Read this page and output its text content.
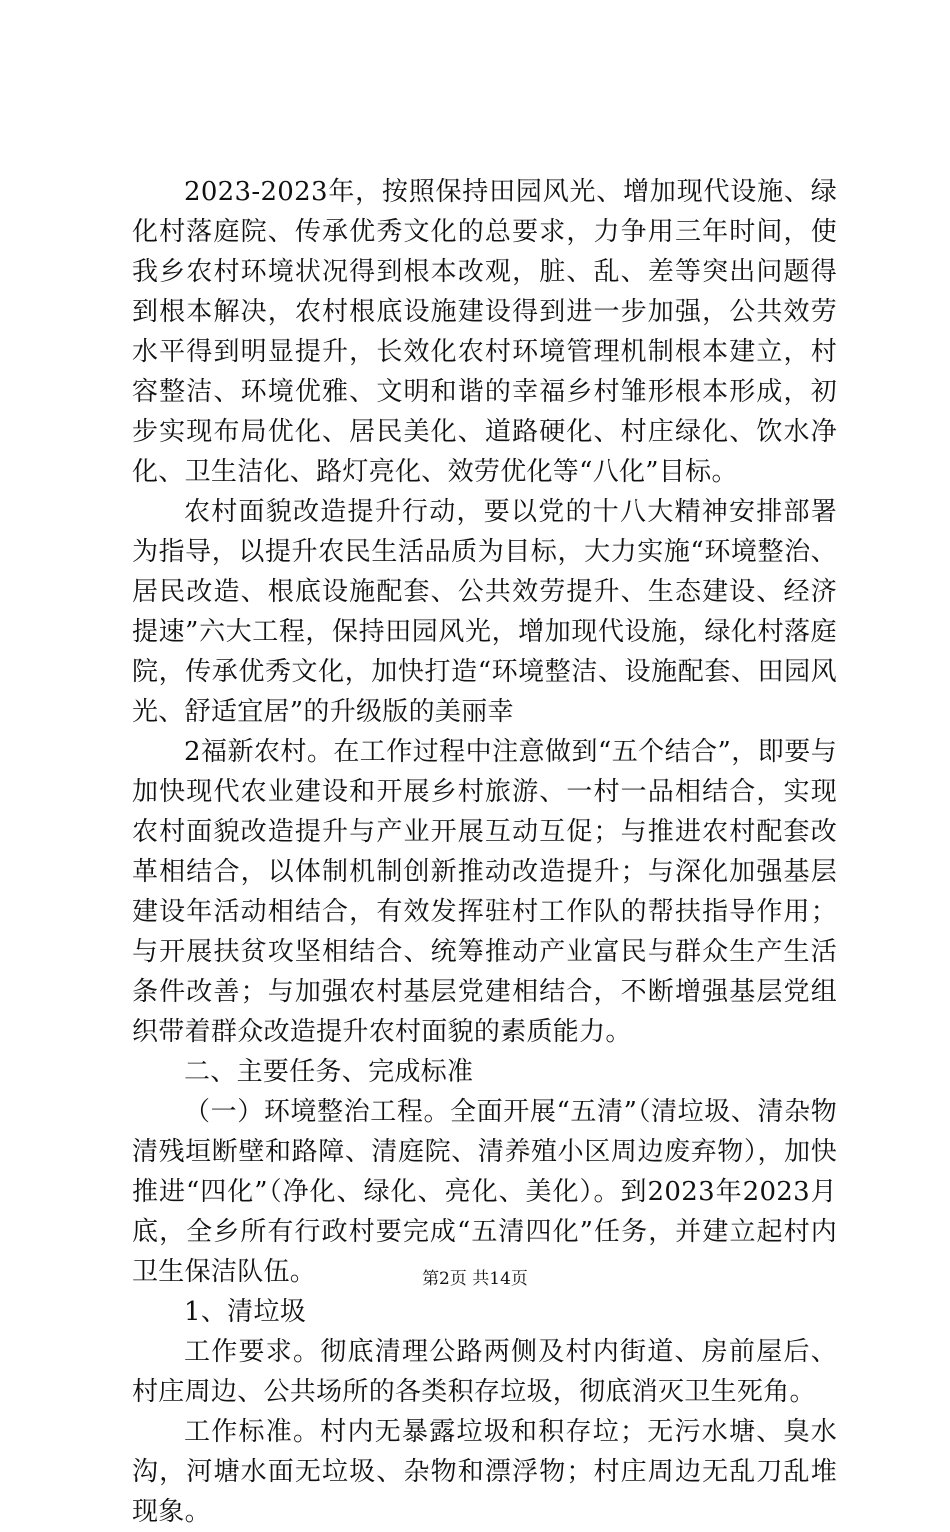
2023-2023年，按照保持田园风光、增加现代设施、绿化村落庭院、传承优秀文化的总要求，力争用三年时间，使我乡农村环境状况得到根本改观，脏、乱、差等突出问题得到根本解决，农村根底设施建设得到进一步加强，公共效劳水平得到明显提升，长效化农村环境管理机制根本建立，村容整洁、环境优雅、文明和谐的幸福乡村雏形根本形成，初步实现布局优化、居民美化、道路硬化、村庄绿化、饮水净化、卫生洁化、路灯亮化、效劳优化等“八化”目标。

农村面貌改造提升行动，要以党的十八大精神安排部署为指导，以提升农民生活品质为目标，大力实施“环境整治、居民改造、根底设施配套、公共效劳提升、生态建设、经济提速”六大工程，保持田园风光，增加现代设施，绿化村落庭院，传承优秀文化，加快打造“环境整洁、设施配套、田园风光、舒适宜居”的升级版的美丽幸

2福新农村。在工作过程中注意做到“五个结合”，即要与加快现代农业建设和开展乡村旅游、一村一品相结合，实现农村面貌改造提升与产业开展互动互促；与推进农村配套改革相结合，以体制机制创新推动改造提升；与深化加强基层建设年活动相结合，有效发挥驻村工作队的帮扶指导作用；与开展扶贫攻坚相结合、统筹推动产业富民与群众生产生活条件改善；与加强农村基层党建相结合，不断增强基层党组织带着群众改造提升农村面貌的素质能力。

二、主要任务、完成标准

（一）环境整治工程。全面开展“五清”（清垃圾、清杂物清残垣断壁和路障、清庭院、清养殖小区周边废弃物），加快推进“四化”（净化、绿化、亮化、美化）。到2023年2023月底，全乡所有行政村要完成“五清四化”任务，并建立起村内卫生保洁队伍。

1、清垃圾

工作要求。彻底清理公路两侧及村内街道、房前屋后、村庄周边、公共场所的各类积存垃圾，彻底消灭卫生死角。

工作标准。村内无暴露垃圾和积存垃；无污水塘、臭水沟，河塘水面无垃圾、杂物和漂浮物；村庄周边无乱刀乱堆现象。

第2页 共14页
